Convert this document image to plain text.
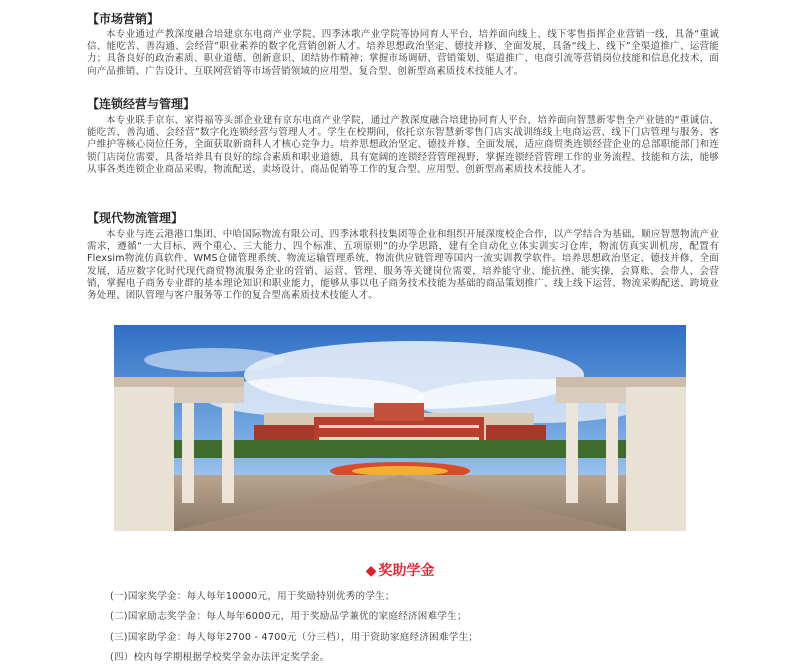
【市场营销】
本专业通过产教深度融合培建京东电商产业学院、四季沐歌产业学院等协同育人平台，培养面向线上、线下零售指挥企业营销一线，具备“重诚信、能吃苦、善沟通、会经营”职业素养的数字化营销创新人才。培养思想政治坚定、德技并修、全面发展，具备“线上、线下”全渠道推广、运营能力；具备良好的政治素质、职业道德、创新意识、团结协作精神；掌握市场调研、营销策划、渠道推广、电商引流等营销岗位技能和信息化技术，面向产品推销、广告设计、互联网营销等市场营销领域的应用型、复合型、创新型高素质技术技能人才。
【连锁经营与管理】
本专业联手京东、家得福等头部企业建有京东电商产业学院，通过产教深度融合培建协同育人平台，培养面向智慧新零售全产业链的“重诚信、能吃苦、善沟通、会经营”数字化连锁经营与管理人才。学生在校期间，依托京东智慧新零售门店实战训练线上电商运营、线下门店管理与服务、客户维护等核心岗位任务，全面获取新商科人才核心竞争力。培养思想政治坚定、德技并修、全面发展，适应商贸类连锁经营企业的总部职能部门和连锁门店岗位需要，具备培养具有良好的综合素质和职业道德，具有宽阔的连锁经营管理视野，掌握连锁经营管理工作的业务流程、技能和方法，能够从事各类连锁企业商品采购、物流配送、卖场设计、商品促销等工作的复合型、应用型、创新型高素质技术技能人才。
【现代物流管理】
本专业与连云港港口集团、中哈国际物流有限公司、四季沐歌科技集团等企业和组织开展深度校企合作，以产学结合为基础，顺应智慧物流产业需求，遵循“一大目标、两个重心、三大能力、四个标准、五项原则”的办学思路，建有全自动化立体实训实习仓库，物流仿真实训机房，配置有Flexsim物流仿真软件、WMS仓储管理系统、物流运输管理系统、物流供应链管理等国内一流实训教学软件。培养思想政治坚定、德技并修、全面发展，适应数字化时代现代商贸物流服务企业的营销、运营、管理、服务等关键岗位需要，培养能守业、能抗挫、能实操，会算账、会带人、会营销，掌握电子商务专业群的基本理论知识和职业能力，能够从事以电子商务技术技能为基础的商品策划推广、线上线下运营、物流采购配送、跨境业务处理、团队管理与客户服务等工作的复合型高素质技术技能人才。
◆ 奖助学金
(一)国家奖学金：每人每年10000元，用于奖励特别优秀的学生；
(二)国家励志奖学金：每人每年6000元，用于奖励品学兼优的家庭经济困难学生；
(三)国家助学金：每人每年2700 - 4700元（分三档），用于资助家庭经济困难学生；
(四）校内每学期根据学校奖学金办法评定奖学金。
